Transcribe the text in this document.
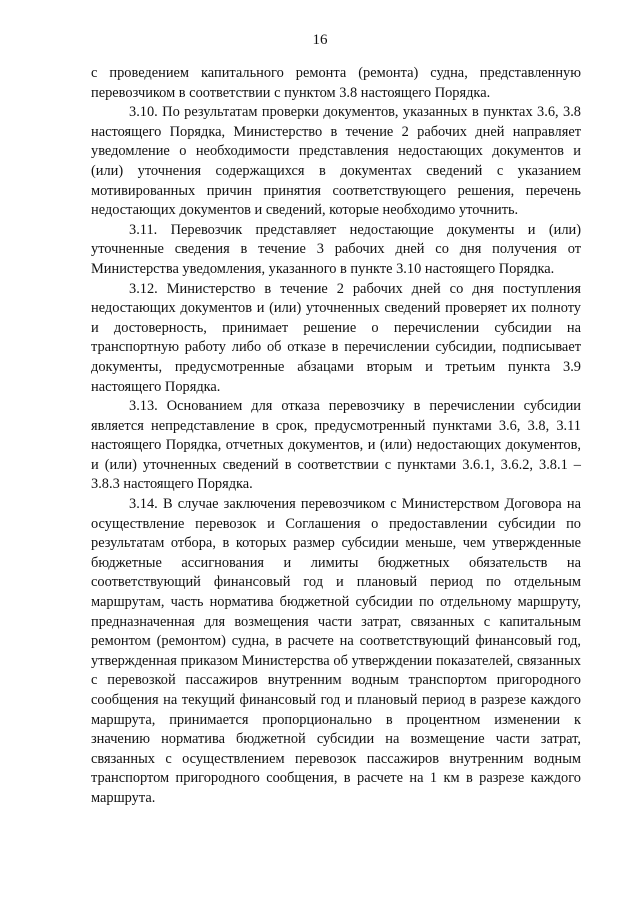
16

с проведением капитального ремонта (ремонта) судна, представленную перевозчиком в соответствии с пунктом 3.8 настоящего Порядка.

3.10. По результатам проверки документов, указанных в пунктах 3.6, 3.8 настоящего Порядка, Министерство в течение 2 рабочих дней направляет уведомление о необходимости представления недостающих документов и (или) уточнения содержащихся в документах сведений с указанием мотивированных причин принятия соответствующего решения, перечень недостающих документов и сведений, которые необходимо уточнить.

3.11. Перевозчик представляет недостающие документы и (или) уточненные сведения в течение 3 рабочих дней со дня получения от Министерства уведомления, указанного в пункте 3.10 настоящего Порядка.

3.12. Министерство в течение 2 рабочих дней со дня поступления недостающих документов и (или) уточненных сведений проверяет их полноту и достоверность, принимает решение о перечислении субсидии на транспортную работу либо об отказе в перечислении субсидии, подписывает документы, предусмотренные абзацами вторым и третьим пункта 3.9 настоящего Порядка.

3.13. Основанием для отказа перевозчику в перечислении субсидии является непредставление в срок, предусмотренный пунктами 3.6, 3.8, 3.11 настоящего Порядка, отчетных документов, и (или) недостающих документов, и (или) уточненных сведений в соответствии с пунктами 3.6.1, 3.6.2, 3.8.1 – 3.8.3 настоящего Порядка.

3.14. В случае заключения перевозчиком с Министерством Договора на осуществление перевозок и Соглашения о предоставлении субсидии по результатам отбора, в которых размер субсидии меньше, чем утвержденные бюджетные ассигнования и лимиты бюджетных обязательств на соответствующий финансовый год и плановый период по отдельным маршрутам, часть норматива бюджетной субсидии по отдельному маршруту, предназначенная для возмещения части затрат, связанных с капитальным ремонтом (ремонтом) судна, в расчете на соответствующий финансовый год, утвержденная приказом Министерства об утверждении показателей, связанных с перевозкой пассажиров внутренним водным транспортом пригородного сообщения на текущий финансовый год и плановый период в разрезе каждого маршрута, принимается пропорционально в процентном изменении к значению норматива бюджетной субсидии на возмещение части затрат, связанных с осуществлением перевозок пассажиров внутренним водным транспортом пригородного сообщения, в расчете на 1 км в разрезе каждого маршрута.
